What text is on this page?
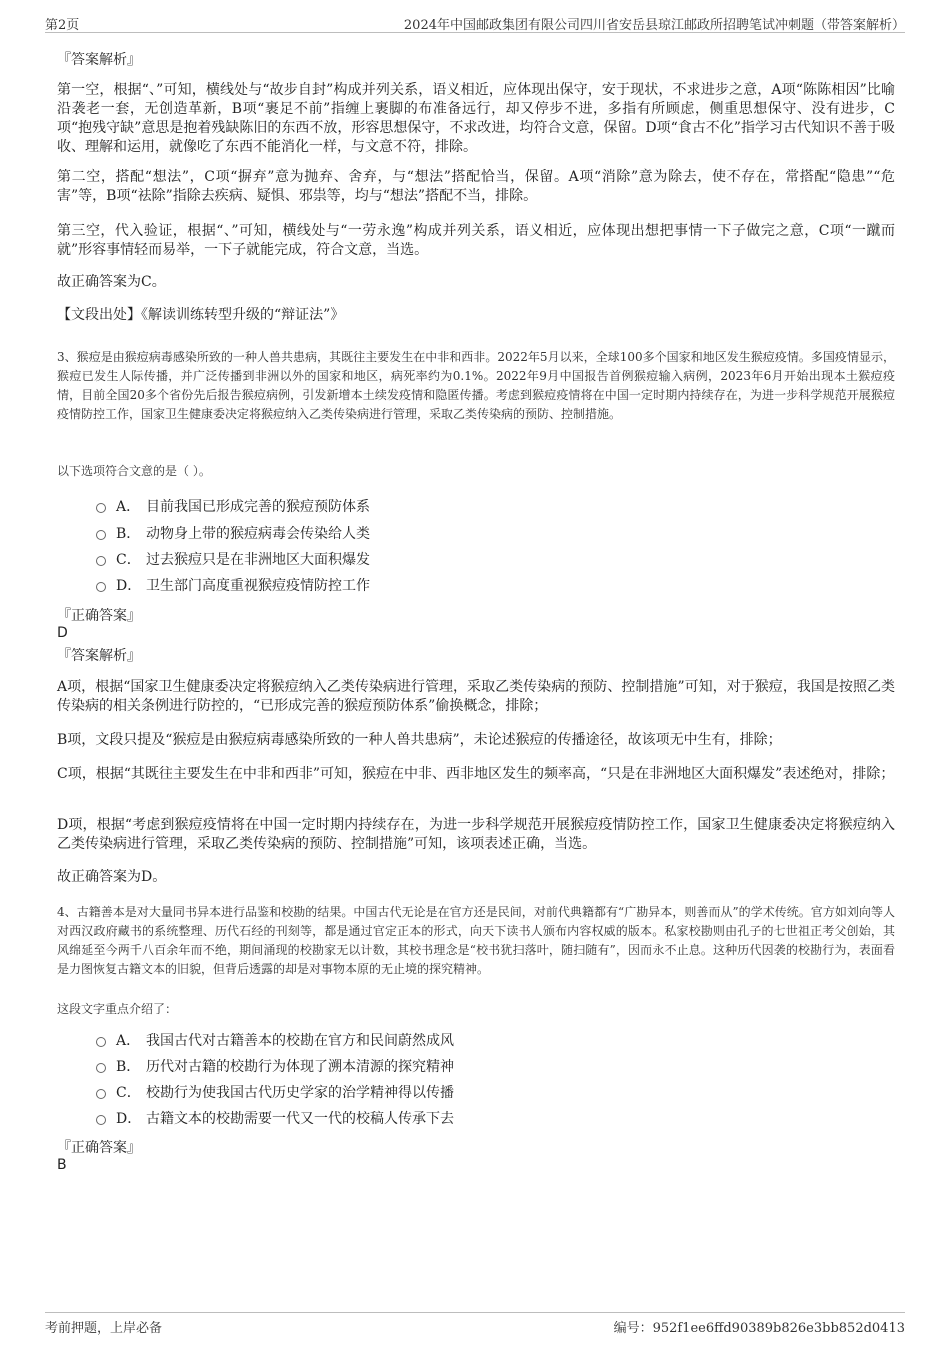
第2页	2024年中国邮政集团有限公司四川省安岳县琼江邮政所招聘笔试冲刺题（带答案解析）
『答案解析』
第一空，根据“、”可知，横线处与“故步自封”构成并列关系，语义相近，应体现出保守，安于现状，不求进步之意，A项“陈陈相因”比喻沿袭老一套，无创造革新，B项“裹足不前”指缠上裹脚的布准备远行，却又停步不进，多指有所顾虑，侧重思想保守、没有进步，C项“抱残守缺”意思是抱着残缺陈旧的东西不放，形容思想保守，不求改进，均符合文意，保留。D项“食古不化”指学习古代知识不善于吸收、理解和运用，就像吃了东西不能消化一样，与文意不符，排除。
第二空，搭配“想法”，C项“摒弃”意为抛弃、舍弃，与“想法”搭配恰当，保留。A项“消除”意为除去，使不存在，常搭配“隐患”“危害”等，B项“祛除”指除去疾病、疑惧、邪祟等，均与“想法”搭配不当，排除。
第三空，代入验证，根据“、”可知，横线处与“一劳永逸”构成并列关系，语义相近，应体现出想把事情一下子做完之意，C项“一蹴而就”形容事情轻而易举，一下子就能完成，符合文意，当选。
故正确答案为C。
【文段出处】《解读训练转型升级的“辩证法”》
3、猴痘是由猴痘病毒感染所致的一种人兽共患病，其既往主要发生在中非和西非。2022年5月以来，全球100多个国家和地区发生猴痘疫情。多国疫情显示，猴痘已发生人际传播，并广泛传播到非洲以外的国家和地区，病死率约为0.1%。2022年9月中国报告首例猴痘输入病例，2023年6月开始出现本土猴痘疫情，目前全国20多个省份先后报告猴痘病例，引发新增本土续发疫情和隐匿传播。考虑到猴痘疫情将在中国一定时期内持续存在，为进一步科学规范开展猴痘疫情防控工作，国家卫生健康委决定将猴痘纳入乙类传染病进行管理，采取乙类传染病的预防、控制措施。
以下选项符合文意的是（ ）。
A． 目前我国已形成完善的猴痘预防体系
B． 动物身上带的猴痘病毒会传染给人类
C． 过去猴痘只是在非洲地区大面积爆发
D． 卫生部门高度重视猴痘疫情防控工作
『正确答案』
D
『答案解析』
A项，根据“国家卫生健康委决定将猴痘纳入乙类传染病进行管理，采取乙类传染病的预防、控制措施”可知，对于猴痘，我国是按照乙类传染病的相关条例进行防控的，“已形成完善的猴痘预防体系”偷换概念，排除；
B项，文段只提及“猴痘是由猴痘病毒感染所致的一种人兽共患病”，未论述猴痘的传播途径，故该项无中生有，排除；
C项，根据“其既往主要发生在中非和西非”可知，猴痘在中非、西非地区发生的频率高，“只是在非洲地区大面积爆发”表述绝对，排除；
D项，根据“考虑到猴痘疫情将在中国一定时期内持续存在，为进一步科学规范开展猴痘疫情防控工作，国家卫生健康委决定将猴痘纳入乙类传染病进行管理，采取乙类传染病的预防、控制措施”可知，该项表述正确，当选。
故正确答案为D。
4、古籍善本是对大量同书异本进行品鉴和校勘的结果。中国古代无论是在官方还是民间，对前代典籍都有“广勘异本，则善而从”的学术传统。官方如刘向等人对西汉政府藏书的系统整理、历代石经的刊刻等，都是通过官定正本的形式，向天下读书人颁布内容权威的版本。私家校勘则由孔子的七世祖正考父创始，其风绵延至今两千八百余年而不绝，期间涌现的校勘家无以计数，其校书理念是“校书犹扫落叶，随扫随有”，因而永不止息。这种历代因袭的校勘行为，表面看是力图恢复古籍文本的旧貌，但背后透露的却是对事物本原的无止境的探究精神。
这段文字重点介绍了：
A． 我国古代对古籍善本的校勘在官方和民间蔚然成风
B． 历代对古籍的校勘行为体现了溯本清源的探究精神
C． 校勘行为使我国古代历史学家的治学精神得以传播
D． 古籍文本的校勘需要一代又一代的校稿人传承下去
『正确答案』
B
考前押题，上岸必备	编号：952f1ee6ffd90389b826e3bb852d0413
